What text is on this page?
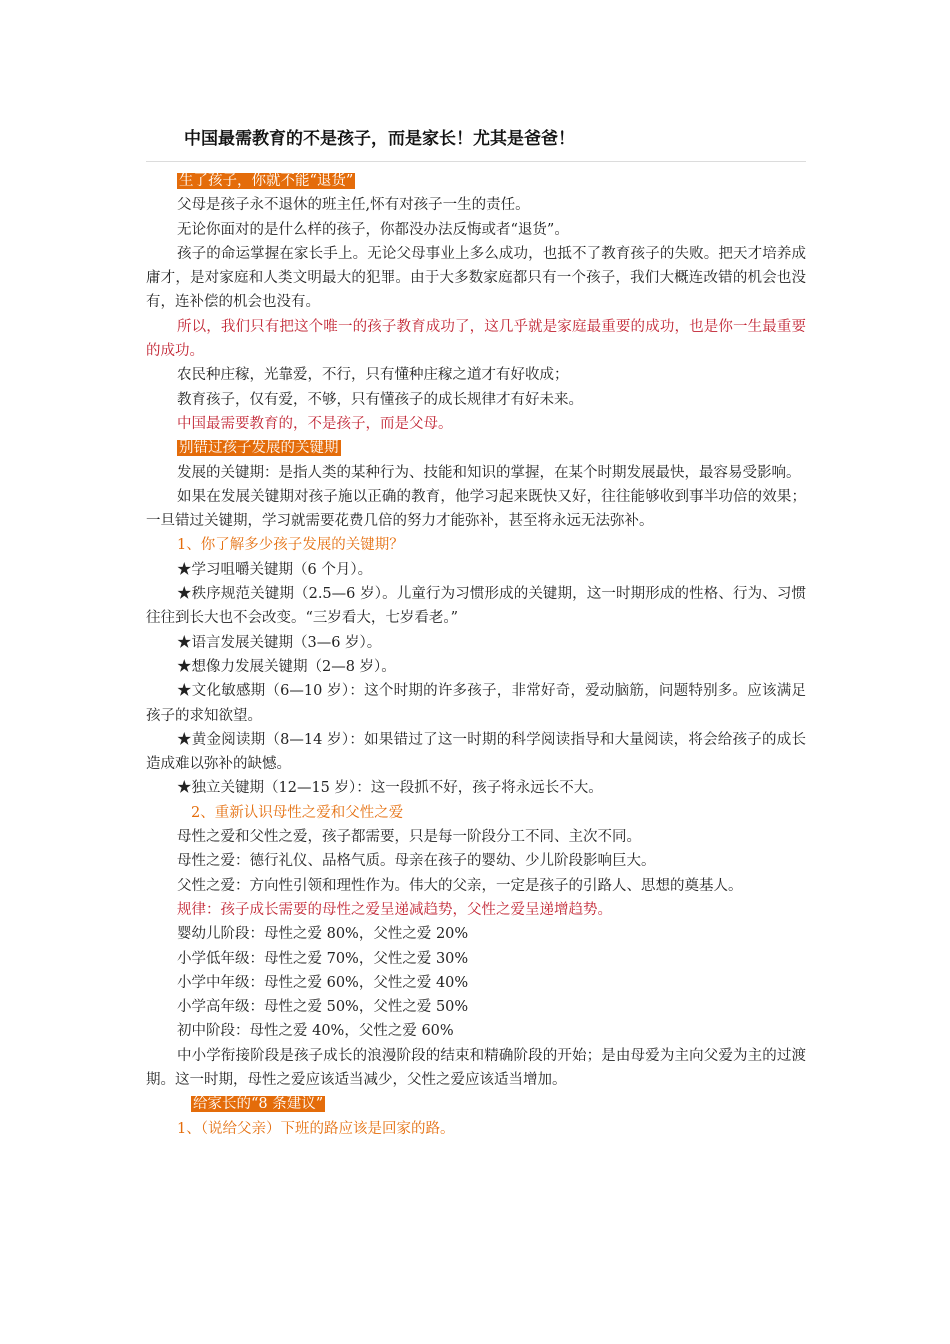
中国最需教育的不是孩子，而是家长！尤其是爸爸！

生了孩子，你就不能“退货”

父母是孩子永不退休的班主任,怀有对孩子一生的责任。

无论你面对的是什么样的孩子，你都没办法反悔或者“退货”。

孩子的命运掌握在家长手上。无论父母事业上多么成功，也抵不了教育孩子的失败。把天才培养成庸才，是对家庭和人类文明最大的犯罪。由于大多数家庭都只有一个孩子，我们大概连改错的机会也没有，连补偿的机会也没有。

所以，我们只有把这个唯一的孩子教育成功了，这几乎就是家庭最重要的成功，也是你一生最重要的成功。

农民种庄稼，光靠爱，不行，只有懂种庄稼之道才有好收成；

教育孩子，仅有爱，不够，只有懂孩子的成长规律才有好未来。

中国最需要教育的，不是孩子，而是父母。

别错过孩子发展的关键期

发展的关键期：是指人类的某种行为、技能和知识的掌握，在某个时期发展最快，最容易受影响。

如果在发展关键期对孩子施以正确的教育，他学习起来既快又好，往往能够收到事半功倍的效果；一旦错过关键期，学习就需要花费几倍的努力才能弥补，甚至将永远无法弥补。

1、你了解多少孩子发展的关键期？

★学习咀嚼关键期（6 个月）。

★秩序规范关键期（2.5—6 岁）。儿童行为习惯形成的关键期，这一时期形成的性格、行为、习惯往往到长大也不会改变。“三岁看大，七岁看老。”

★语言发展关键期（3—6 岁）。

★想像力发展关键期（2—8 岁）。

★文化敏感期（6—10 岁）：这个时期的许多孩子，非常好奇，爱动脑筋，问题特别多。应该满足孩子的求知欲望。

★黄金阅读期（8—14 岁）：如果错过了这一时期的科学阅读指导和大量阅读，将会给孩子的成长造成难以弥补的缺憾。

★独立关键期（12—15 岁）：这一段抓不好，孩子将永远长不大。

2、重新认识母性之爱和父性之爱

母性之爱和父性之爱，孩子都需要，只是每一阶段分工不同、主次不同。

母性之爱：德行礼仪、品格气质。母亲在孩子的婴幼、少儿阶段影响巨大。

父性之爱：方向性引领和理性作为。伟大的父亲，一定是孩子的引路人、思想的奠基人。

规律：孩子成长需要的母性之爱呈递减趋势，父性之爱呈递增趋势。

婴幼儿阶段：母性之爱 80%，父性之爱 20%

小学低年级：母性之爱 70%，父性之爱 30%

小学中年级：母性之爱 60%，父性之爱 40%

小学高年级：母性之爱 50%，父性之爱 50%

初中阶段：母性之爱 40%，父性之爱 60%

中小学衔接阶段是孩子成长的浪漫阶段的结束和精确阶段的开始；是由母爱为主向父爱为主的过渡期。这一时期，母性之爱应该适当减少，父性之爱应该适当增加。

给家长的“8 条建议”

1、（说给父亲）下班的路应该是回家的路。
